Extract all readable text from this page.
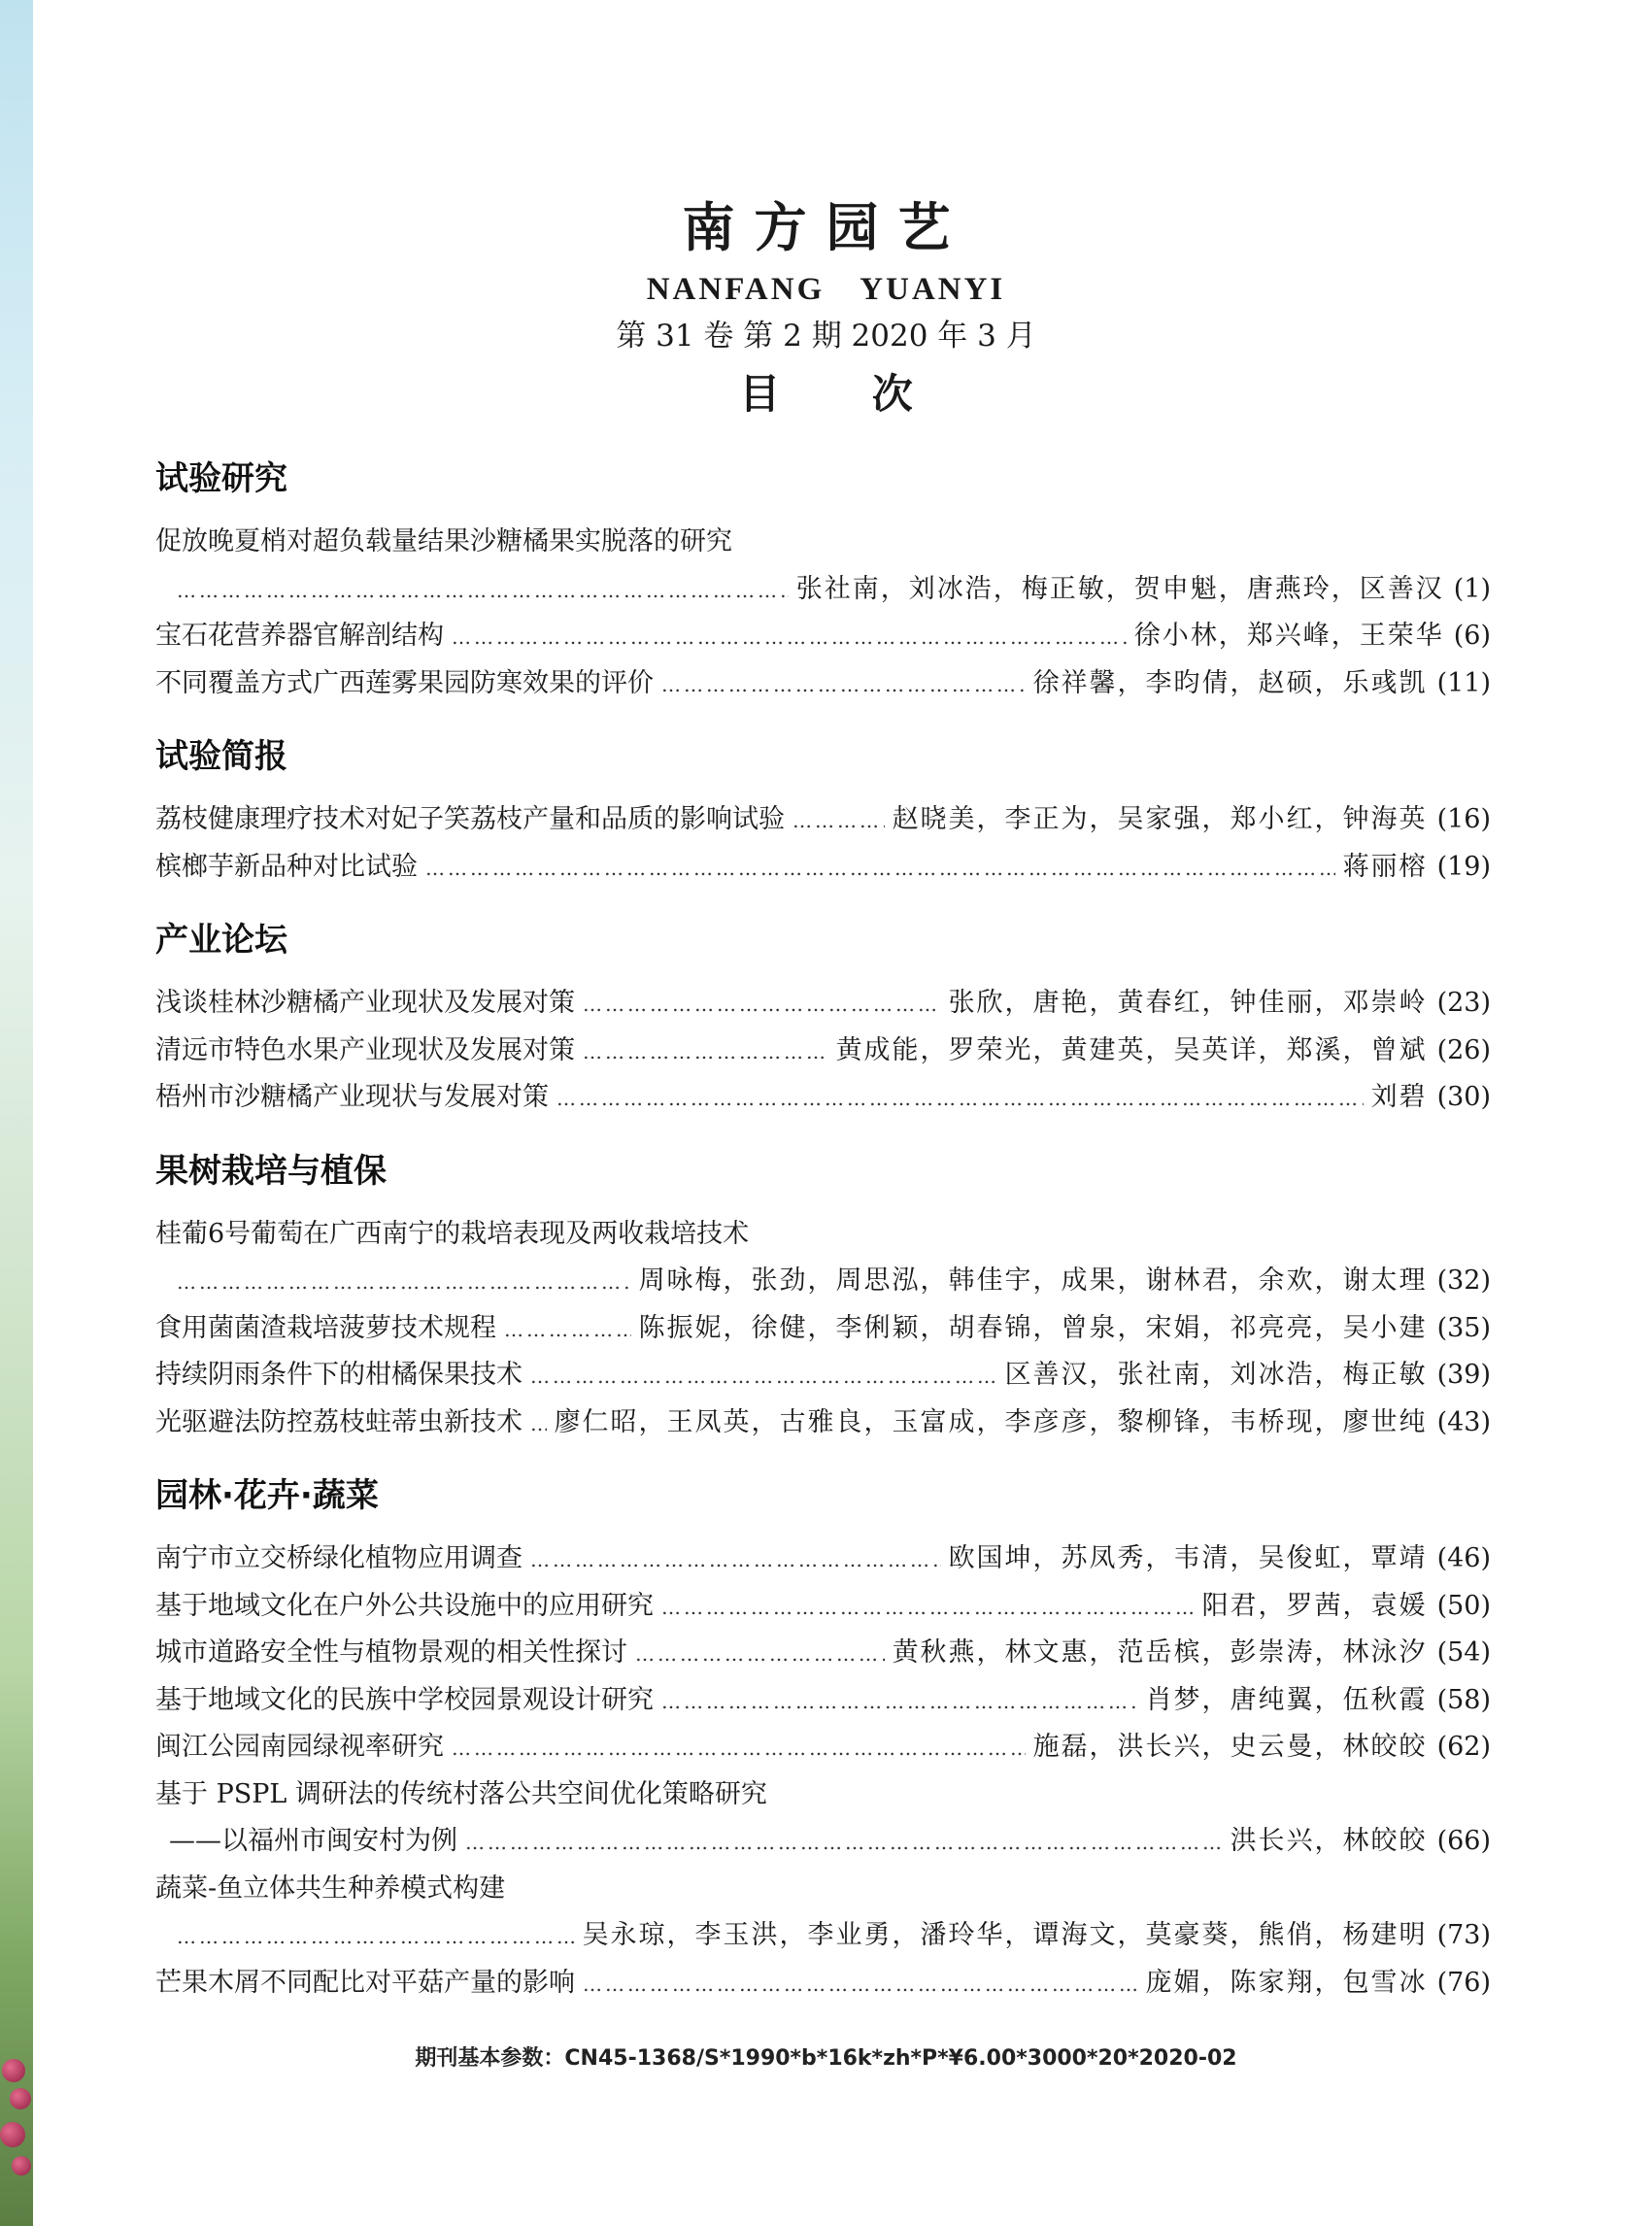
南方园艺
NANFANG YUANYI
第 31 卷 第 2 期 2020 年 3 月
目 次
试验研究
促放晚夏梢对超负载量结果沙糖橘果实脱落的研究
…………………………………………………………………………………………………………………………………………………………………………………………
张社南，刘冰浩，梅正敏，贺申魁，唐燕玲，区善汉 (1)
宝石花营养器官解剖结构 …………………………………………………………………………………………………………………………………………………………………………………………	徐小林，郑兴峰，王荣华 (6)
不同覆盖方式广西莲雾果园防寒效果的评价 …………………………………………………………………………………………………………………………………………………………………………………………	徐祥馨，李昀倩，赵硕，乐彧凯 (11)
试验简报
荔枝健康理疗技术对妃子笑荔枝产量和品质的影响试验 …………………………………………………………………………………………………………………………………………………………………………………………	赵晓美，李正为，吴家强，郑小红，钟海英 (16)
槟榔芋新品种对比试验 …………………………………………………………………………………………………………………………………………………………………………………………	蒋丽榕 (19)
产业论坛
浅谈桂林沙糖橘产业现状及发展对策 …………………………………………………………………………………………………………………………………………………………………………………………	张欣，唐艳，黄春红，钟佳丽，邓崇岭 (23)
清远市特色水果产业现状及发展对策 …………………………………………………………………………………………………………………………………………………………………………………………	黄成能，罗荣光，黄建英，吴英详，郑溪，曾斌 (26)
梧州市沙糖橘产业现状与发展对策 …………………………………………………………………………………………………………………………………………………………………………………………	刘碧 (30)
果树栽培与植保
桂葡6号葡萄在广西南宁的栽培表现及两收栽培技术
…………………………………………………………………………………………………………………………………………………………………………………………
周咏梅，张劲，周思泓，韩佳宇，成果，谢林君，余欢，谢太理 (32)
食用菌菌渣栽培菠萝技术规程 …………………………………………………………………………………………………………………………………………………………………………………………	陈振妮，徐健，李俐颖，胡春锦，曾泉，宋娟，祁亮亮，吴小建 (35)
持续阴雨条件下的柑橘保果技术 …………………………………………………………………………………………………………………………………………………………………………………………	区善汉，张社南，刘冰浩，梅正敏 (39)
光驱避法防控荔枝蛀蒂虫新技术 ………………………………………………………………………………………………………………………………………………………………………………………… 廖仁昭，王凤英，古雅良，玉富成，李彦彦，黎柳锋，韦桥现，廖世纯 (43)
园林·花卉·蔬菜
南宁市立交桥绿化植物应用调查 …………………………………………………………………………………………………………………………………………………………………………………………	欧国坤，苏凤秀，韦清，吴俊虹，覃靖 (46)
基于地域文化在户外公共设施中的应用研究 …………………………………………………………………………………………………………………………………………………………………………………………	阳君，罗茜，袁媛 (50)
城市道路安全性与植物景观的相关性探讨 …………………………………………………………………………………………………………………………………………………………………………………………	黄秋燕，林文惠，范岳槟，彭崇涛，林泳汐 (54)
基于地域文化的民族中学校园景观设计研究 …………………………………………………………………………………………………………………………………………………………………………………………	肖梦，唐纯翼，伍秋霞 (58)
闽江公园南园绿视率研究 …………………………………………………………………………………………………………………………………………………………………………………………	施磊，洪长兴，史云曼，林皎皎 (62)
基于 PSPL 调研法的传统村落公共空间优化策略研究
——以福州市闽安村为例 …………………………………………………………………………………………………………………………………………………………………………………………	洪长兴，林皎皎 (66)
蔬菜-鱼立体共生种养模式构建
…………………………………………………………………………………………………………………………………………………………………………………………
吴永琼，李玉洪，李业勇，潘玲华，谭海文，莫豪葵，熊俏，杨建明 (73)
芒果木屑不同配比对平菇产量的影响 …………………………………………………………………………………………………………………………………………………………………………………………	庞媚，陈家翔，包雪冰 (76)
期刊基本参数：CN45-1368/S*1990*b*16k*zh*P*¥6.00*3000*20*2020-02
